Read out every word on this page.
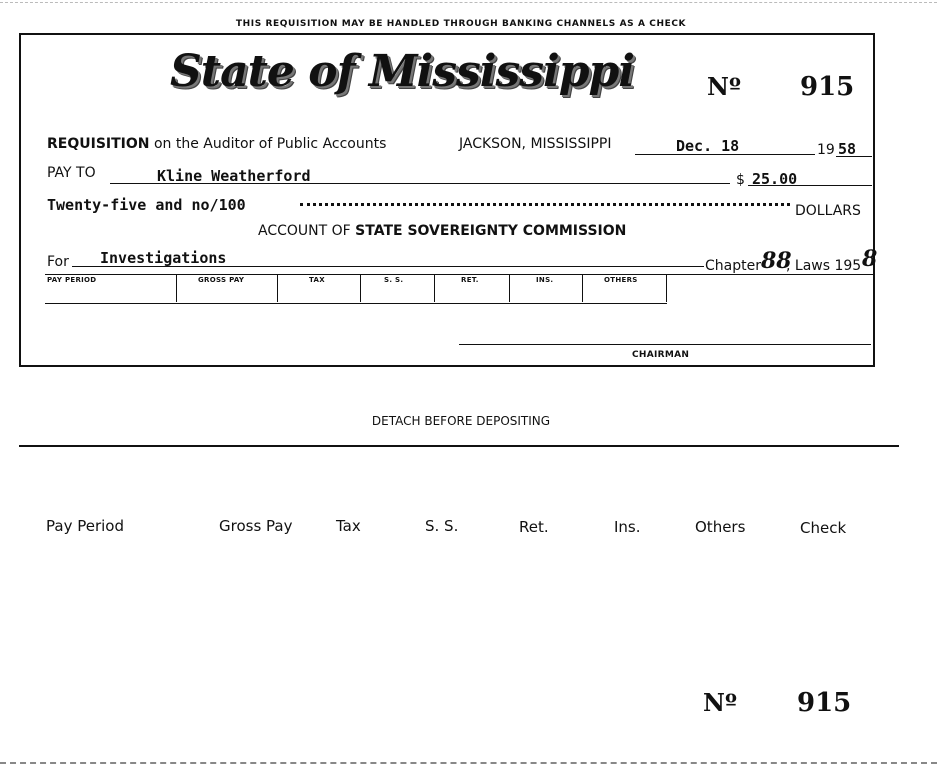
THIS REQUISITION MAY BE HANDLED THROUGH BANKING CHANNELS AS A CHECK
State of Mississippi	Nº 915
REQUISITION on the Auditor of Public Accounts	JACKSON, MISSISSIPPI	Dec. 18	19 58
PAY TO	Kline Weatherford	$ 25.00
Twenty-five and no/100	DOLLARS
ACCOUNT OF STATE SOVEREIGNTY COMMISSION
For Investigations	Chapter 88
, Laws 195 8
PAY PERIOD	GROSS PAY	TAX	S. S.	RET.	INS.	OTHERS
CHAIRMAN
DETACH BEFORE DEPOSITING
Pay Period	Gross Pay	Tax	S. S.	Ret.	Ins.	Others	Check
Nº 915
